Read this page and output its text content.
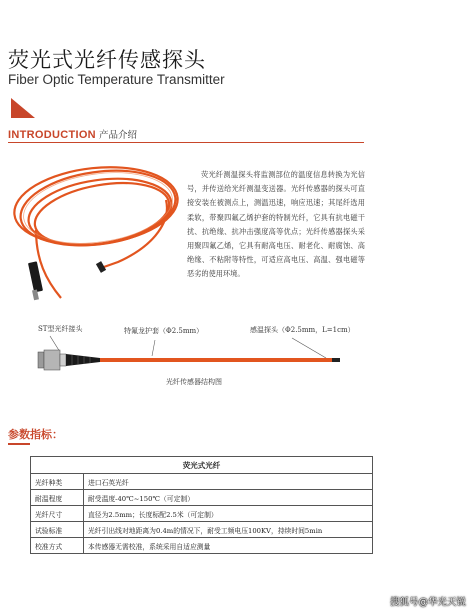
荧光式光纤传感探头
Fiber Optic Temperature Transmitter
INTRODUCTION 产品介绍
荧光纤测温探头将监测部位的温度信息转换为光信号，并传送给光纤测温变送器。光纤传感器的探头可直接安装在被测点上，测温迅速，响应迅速；其尾纤选用柔软，带聚四氟乙烯护套的特制光纤，它具有抗电磁干扰、抗绝缘、抗冲击强度高等优点；光纤传感器探头采用聚四氟乙烯，它具有耐高电压、耐老化、耐腐蚀、高绝缘、不粘附等特性，可适应高电压、高温、强电磁等恶劣的使用环境。
ST型光纤接头	特氟龙护套（Φ2.5mm）	感温探头（Φ2.5mm，L=1cm）
光纤传感器结构图
参数指标：
荧光式光纤	
光纤种类	进口石英光纤
耐温程度	耐受温度-40℃~150℃（可定制）
光纤尺寸	直径为2.5mm；长度标配2.5米（可定制）
试验标准	光纤引出线对地距离为0.4m的情况下，耐受工频电压100KV，持续时间5min
校准方式	本传感器无需校准，系统采用自适应测量
搜狐号@华光天锐
